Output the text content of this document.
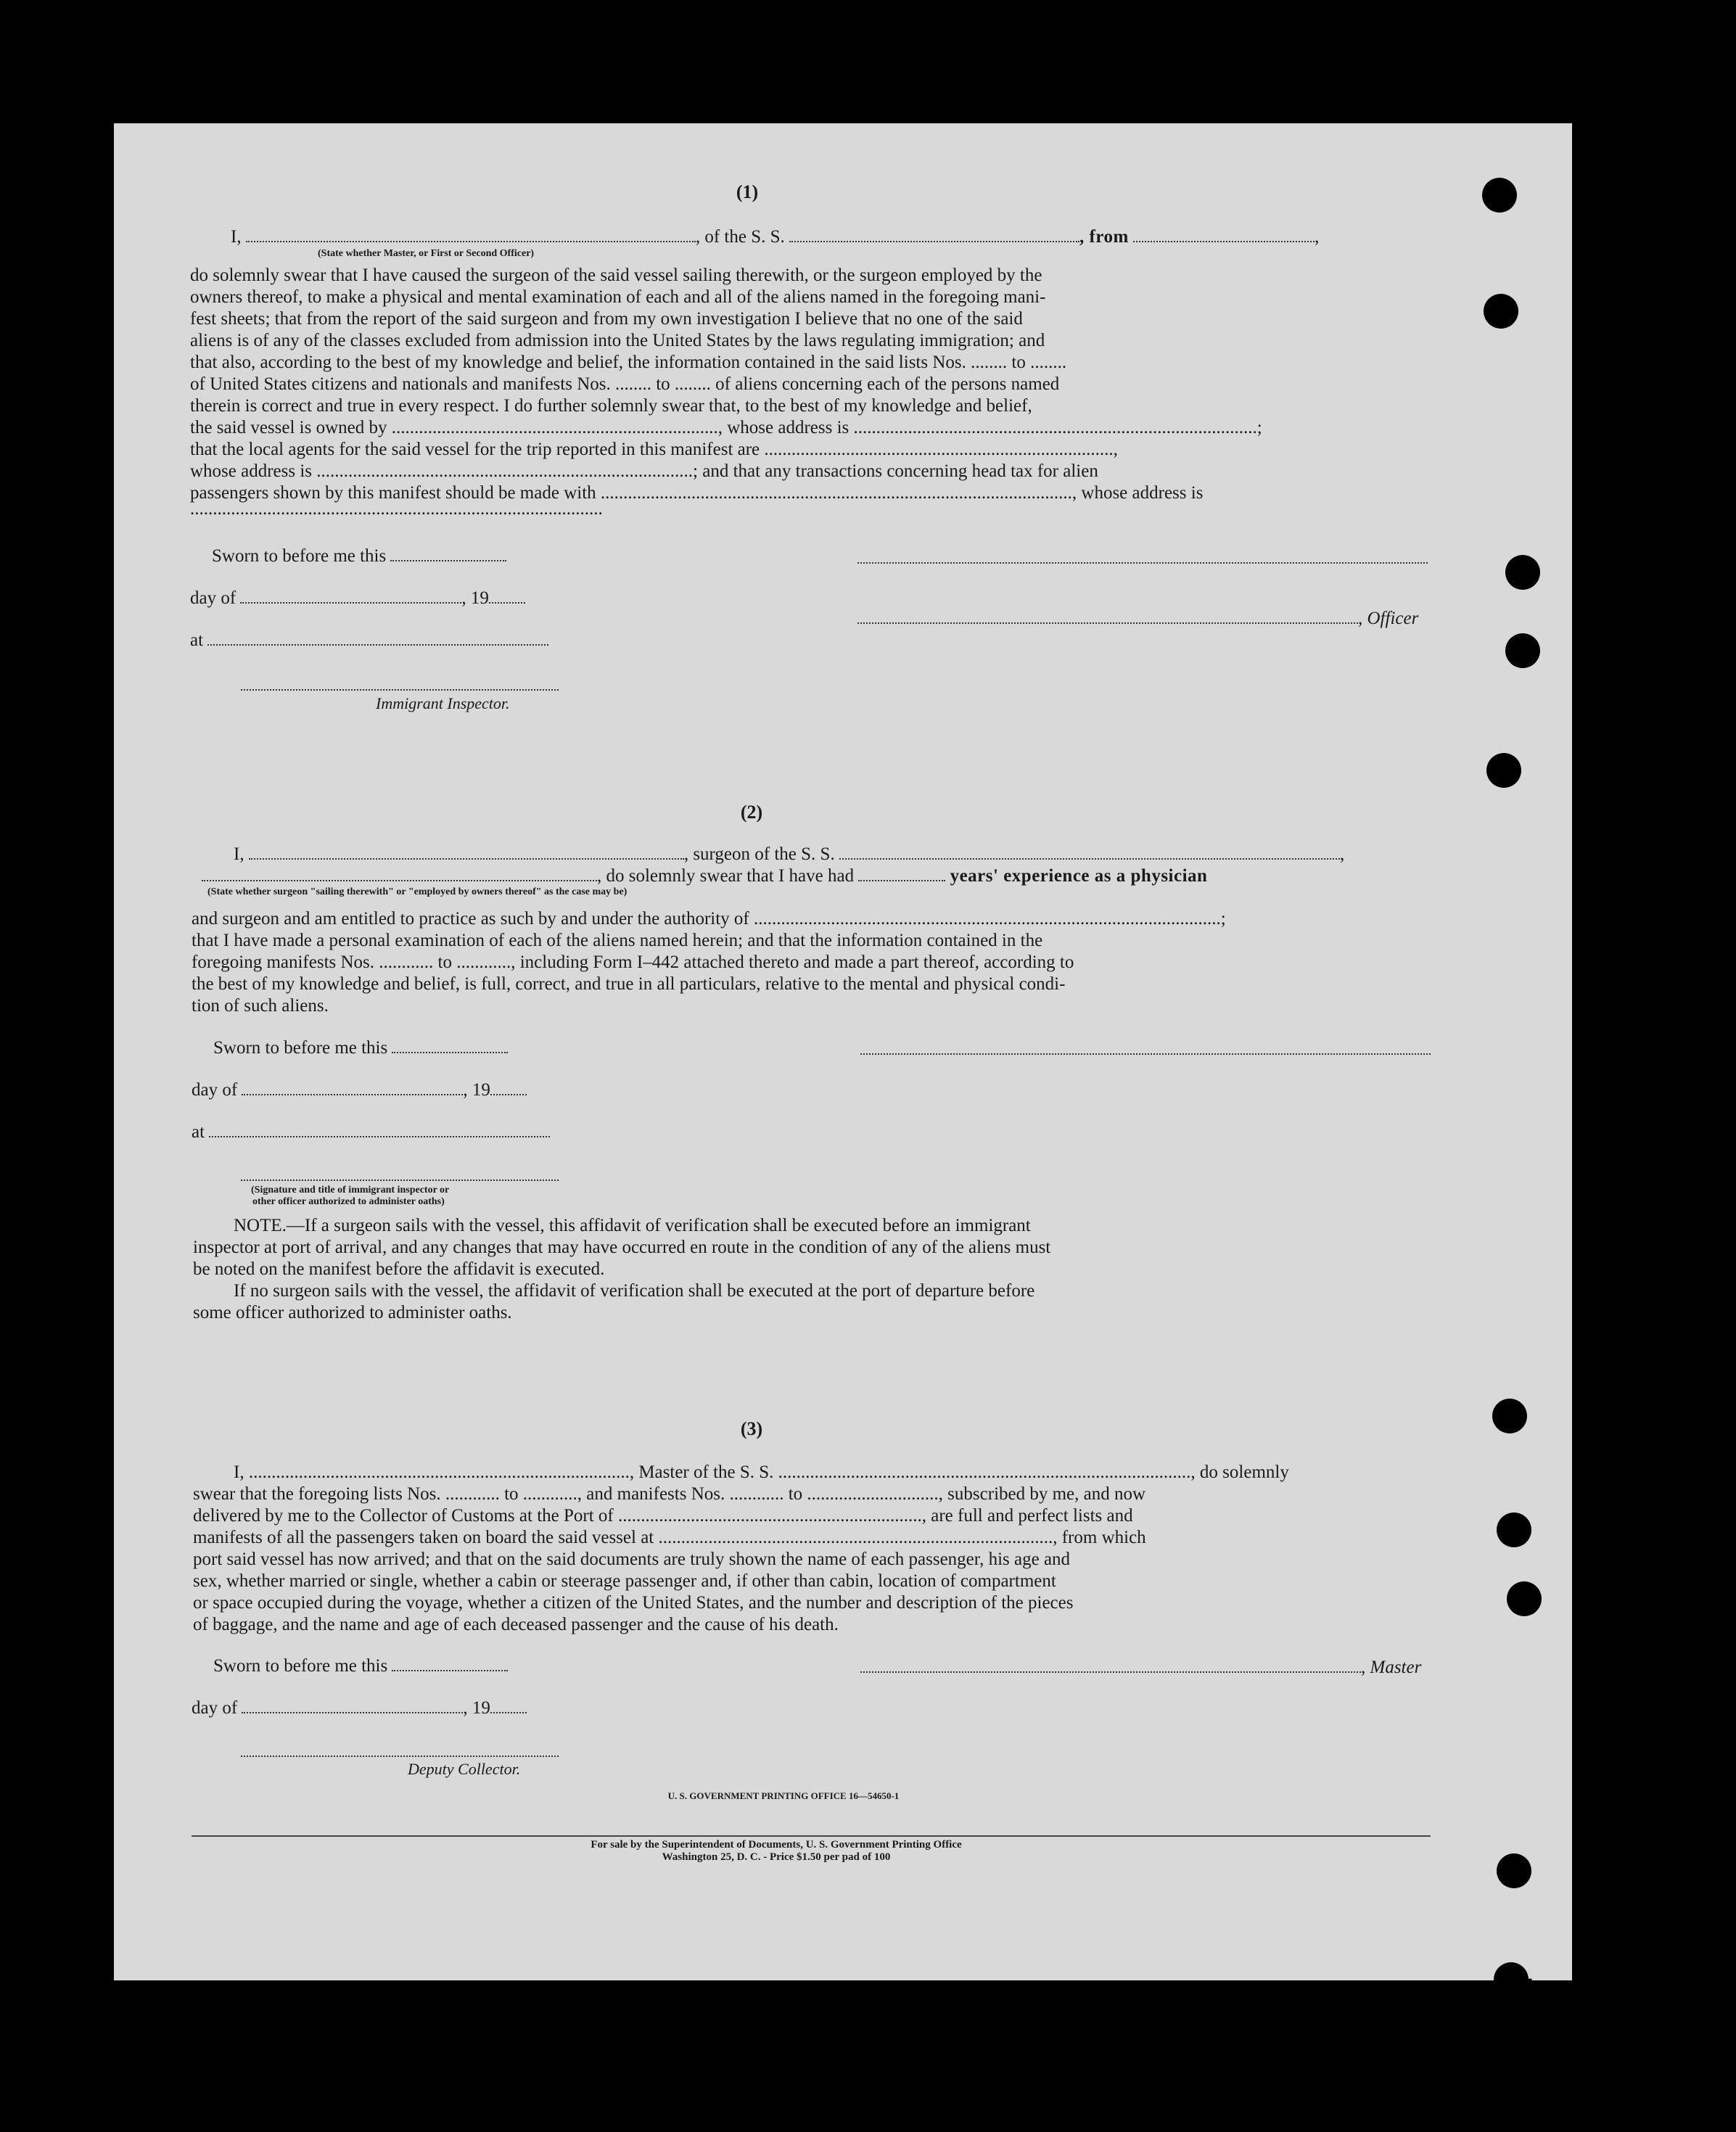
54
(1)
I,	, of the S. S.	, from	,
(State whether Master, or First or Second Officer)
do solemnly swear that I have caused the surgeon of the said vessel sailing therewith, or the surgeon employed by the
owners thereof, to make a physical and mental examination of each and all of the aliens named in the foregoing mani-
fest sheets; that from the report of the said surgeon and from my own investigation I believe that no one of the said
aliens is of any of the classes excluded from admission into the United States by the laws regulating immigration; and
that also, according to the best of my knowledge and belief, the information contained in the said lists Nos. ........ to ........
of United States citizens and nationals and manifests Nos. ........ to ........ of aliens concerning each of the persons named
therein is correct and true in every respect. I do further solemnly swear that, to the best of my knowledge and belief,
the said vessel is owned by ........................................................................, whose address is .........................................................................................;
that the local agents for the said vessel for the trip reported in this manifest are .............................................................................,
whose address is ...................................................................................; and that any transactions concerning head tax for alien
passengers shown by this manifest should be made with ........................................................................................................, whose address is
...........................................................................................
Sworn to before me this
day of	, 19
at
Immigrant Inspector.
, Officer
(2)
I,	, surgeon of the S. S.	,
, do solemnly swear that I have had	years' experience as a physician
(State whether surgeon "sailing therewith" or "employed by owners thereof" as the case may be)
and surgeon and am entitled to practice as such by and under the authority of .......................................................................................................;
that I have made a personal examination of each of the aliens named herein; and that the information contained in the
foregoing manifests Nos. ............ to ............, including Form I–442 attached thereto and made a part thereof, according to
the best of my knowledge and belief, is full, correct, and true in all particulars, relative to the mental and physical condi-
tion of such aliens.
Sworn to before me this
day of	, 19
at
(Signature and title of immigrant inspector or
other officer authorized to administer oaths)
NOTE.—If a surgeon sails with the vessel, this affidavit of verification shall be executed before an immigrant
inspector at port of arrival, and any changes that may have occurred en route in the condition of any of the aliens must
be noted on the manifest before the affidavit is executed.
If no surgeon sails with the vessel, the affidavit of verification shall be executed at the port of departure before
some officer authorized to administer oaths.
(3)
I, ...................................................................................., Master of the S. S. ..........................................................................................., do solemnly
swear that the foregoing lists Nos. ............ to ............, and manifests Nos. ............ to ............................., subscribed by me, and now
delivered by me to the Collector of Customs at the Port of ..................................................................., are full and perfect lists and
manifests of all the passengers taken on board the said vessel at ......................................................................................., from which
port said vessel has now arrived; and that on the said documents are truly shown the name of each passenger, his age and
sex, whether married or single, whether a cabin or steerage passenger and, if other than cabin, location of compartment
or space occupied during the voyage, whether a citizen of the United States, and the number and description of the pieces
of baggage, and the name and age of each deceased passenger and the cause of his death.
Sworn to before me this	, Master
day of	, 19
Deputy Collector.
U. S. GOVERNMENT PRINTING OFFICE 16—54650-1
For sale by the Superintendent of Documents, U. S. Government Printing Office
Washington 25, D. C. - Price $1.50 per pad of 100
